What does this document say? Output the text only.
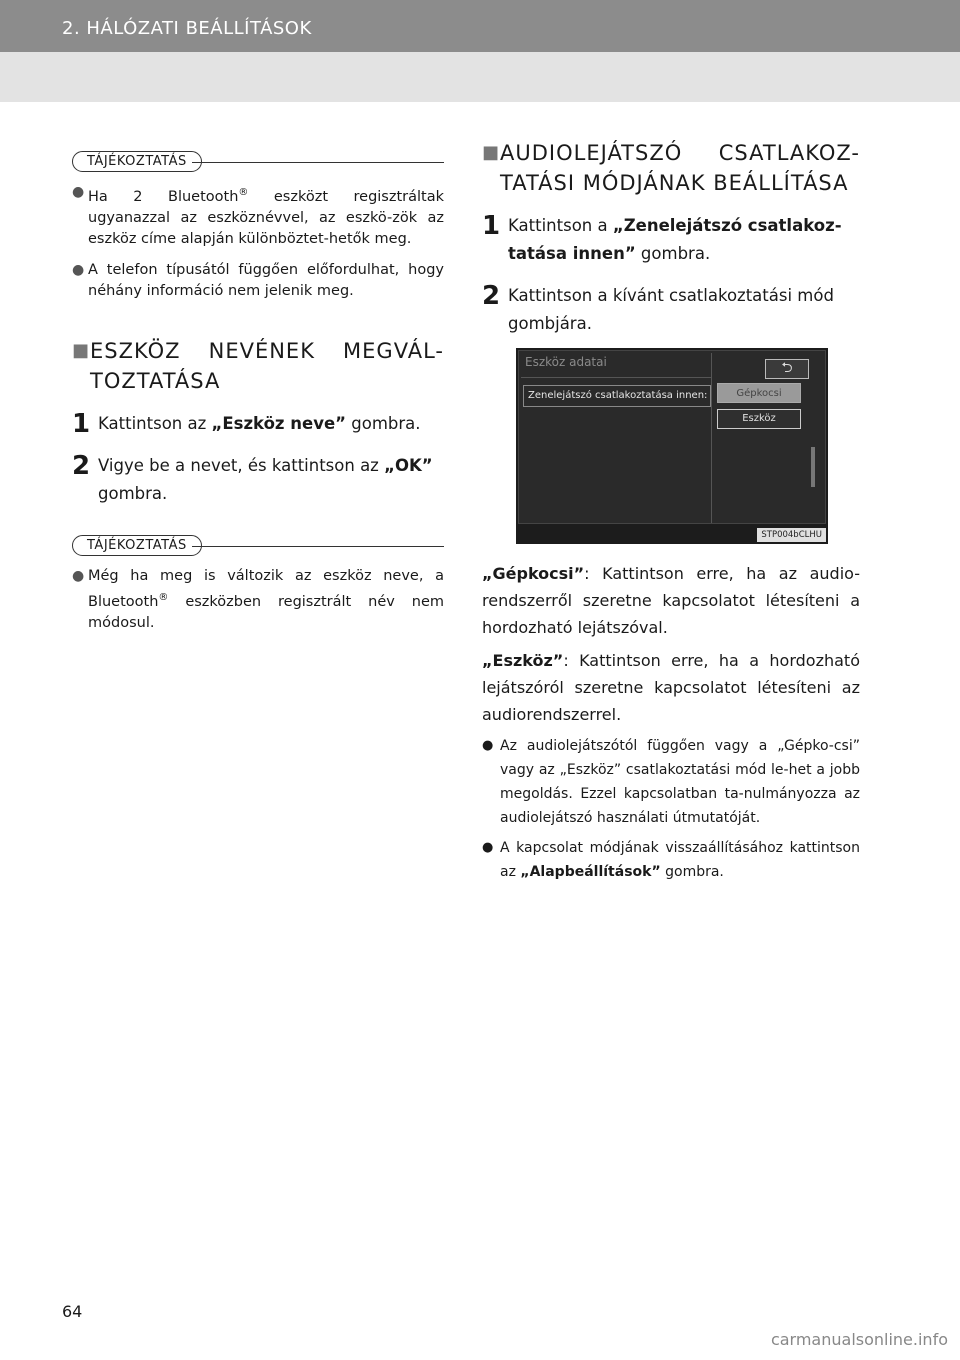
2. HÁLÓZATI BEÁLLÍTÁSOK
TÁJÉKOZTATÁS
● Ha 2 Bluetooth® eszközt regisztráltak ugyanazzal az eszköznévvel, az eszkö-zök az eszköz címe alapján különböztet-hetők meg.
● A telefon típusától függően előfordulhat, hogy néhány információ nem jelenik meg.
■ ESZKÖZ NEVÉNEK MEGVÁL-TOZTATÁSA
1 Kattintson az „Eszköz neve” gombra.
2 Vigye be a nevet, és kattintson az „OK” gombra.
TÁJÉKOZTATÁS
● Még ha meg is változik az eszköz neve, a Bluetooth® eszközben regisztrált név nem módosul.
■ AUDIOLEJÁTSZÓ CSATLAKOZ-TATÁSI MÓDJÁNAK BEÁLLÍTÁSA
1 Kattintson a „Zenelejátszó csatlakoz-tatása innen” gombra.
2 Kattintson a kívánt csatlakoztatási mód gombjára.
Eszköz adatai	⮌
Zenelejátszó csatlakoztatása innen:	Gépkocsi
Eszköz
STP004bCLHU

„Gépkocsi”: Kattintson erre, ha az audio-rendszerről szeretne kapcsolatot létesíteni a hordozható lejátszóval.

„Eszköz”: Kattintson erre, ha a hordozható lejátszóról szeretne kapcsolatot létesíteni az audiorendszerrel.

● Az audiolejátszótól függően vagy a „Gépko-csi” vagy az „Eszköz” csatlakoztatási mód le-het a jobb megoldás. Ezzel kapcsolatban ta-nulmányozza az audiolejátszó használati útmutatóját.
● A kapcsolat módjának visszaállításához kattintson az „Alapbeállítások” gombra.
64
carmanualsonline.info
